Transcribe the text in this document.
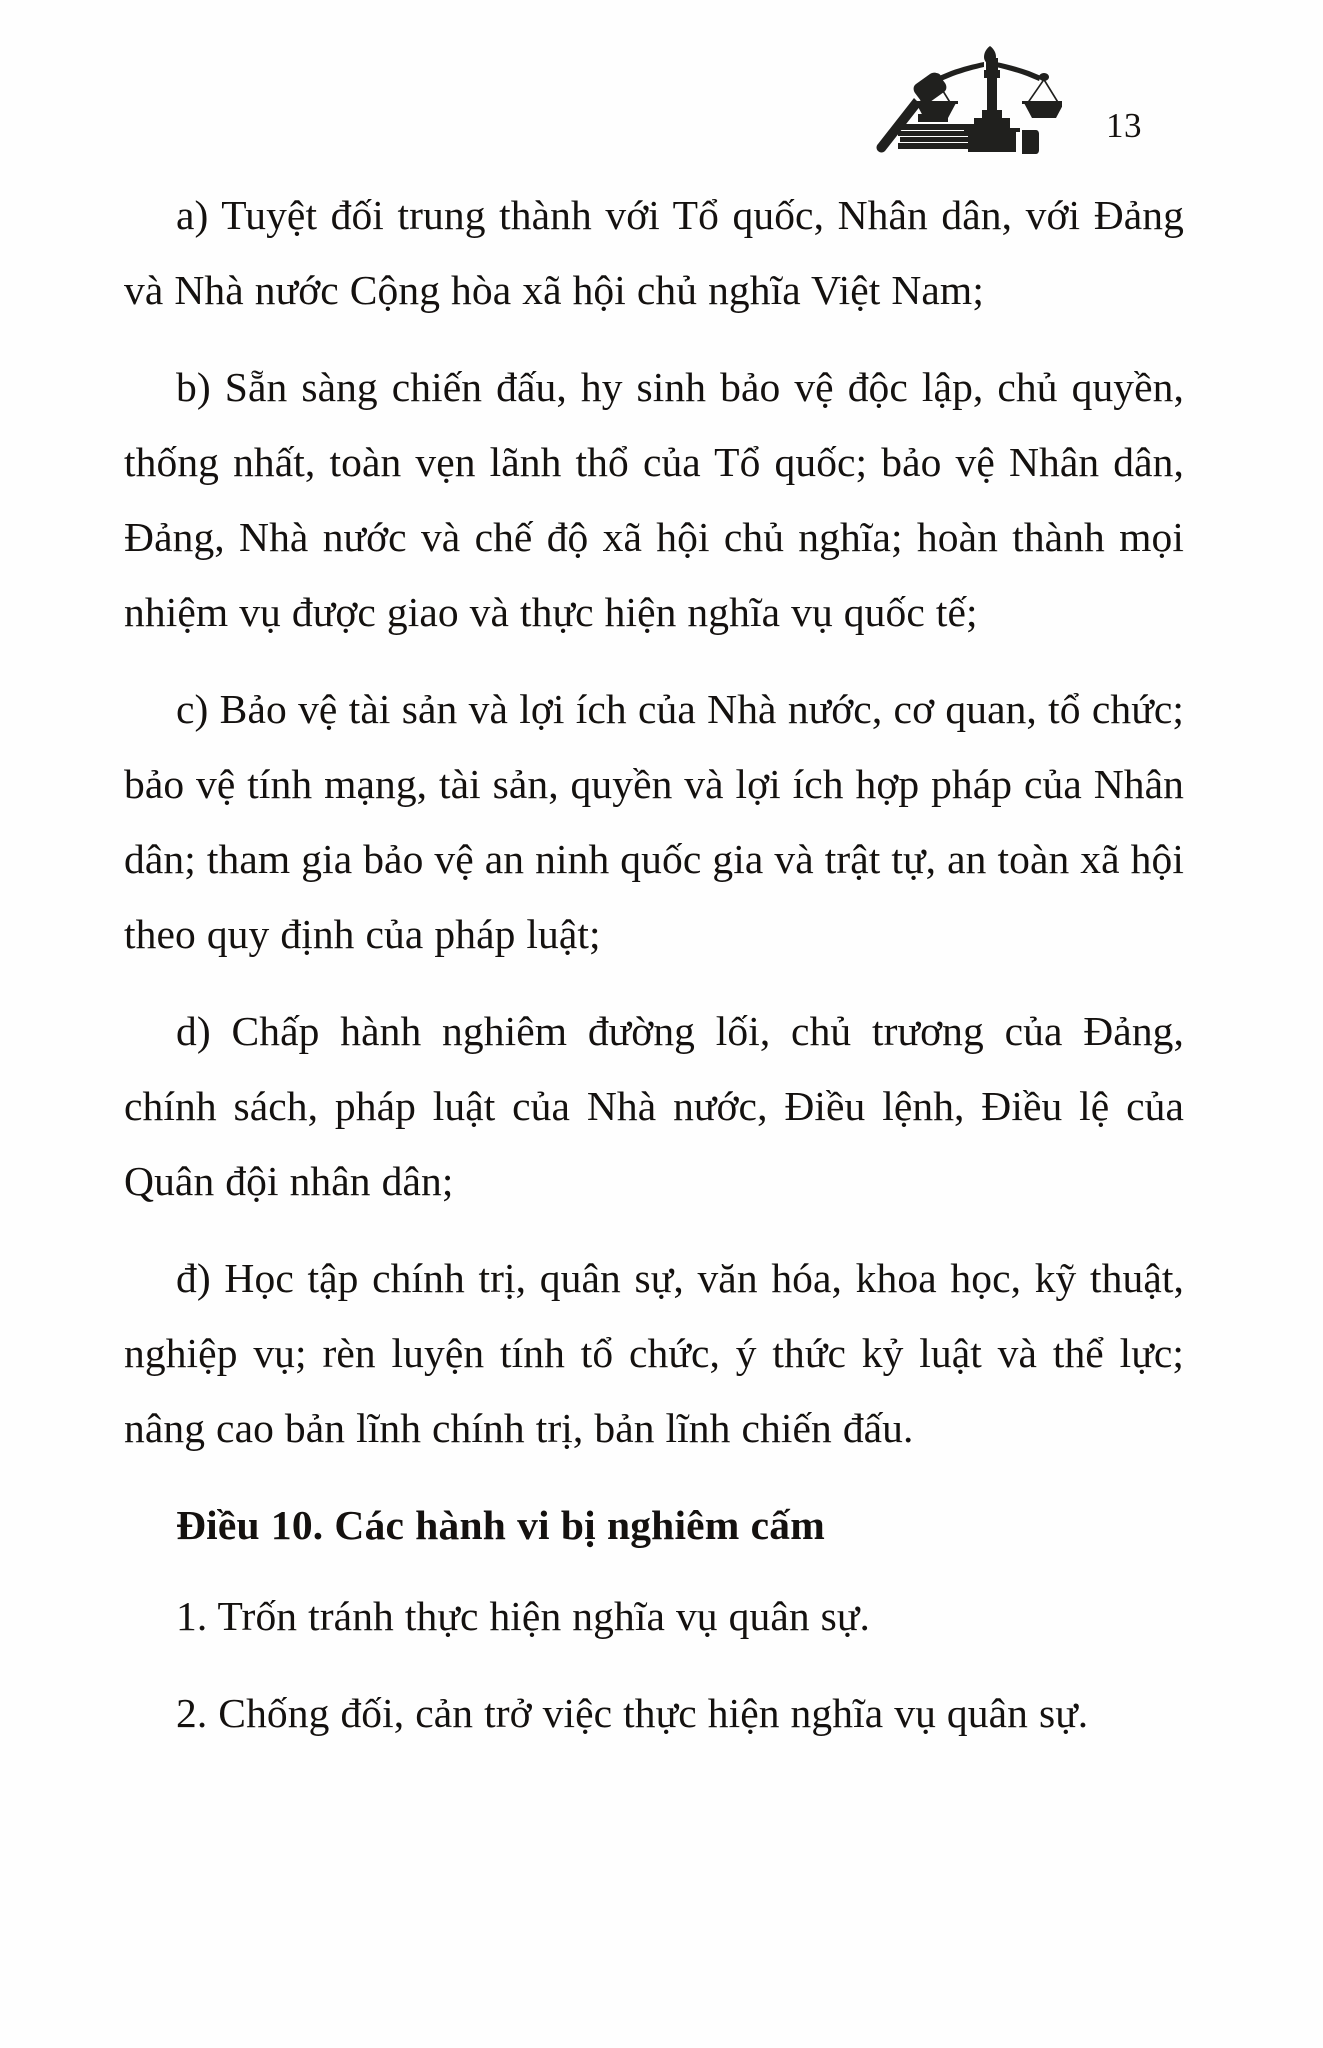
13

a) Tuyệt đối trung thành với Tổ quốc, Nhân dân, với Đảng và Nhà nước Cộng hòa xã hội chủ nghĩa Việt Nam;

b) Sẵn sàng chiến đấu, hy sinh bảo vệ độc lập, chủ quyền, thống nhất, toàn vẹn lãnh thổ của Tổ quốc; bảo vệ Nhân dân, Đảng, Nhà nước và chế độ xã hội chủ nghĩa; hoàn thành mọi nhiệm vụ được giao và thực hiện nghĩa vụ quốc tế;

c) Bảo vệ tài sản và lợi ích của Nhà nước, cơ quan, tổ chức; bảo vệ tính mạng, tài sản, quyền và lợi ích hợp pháp của Nhân dân; tham gia bảo vệ an ninh quốc gia và trật tự, an toàn xã hội theo quy định của pháp luật;

d) Chấp hành nghiêm đường lối, chủ trương của Đảng, chính sách, pháp luật của Nhà nước, Điều lệnh, Điều lệ của Quân đội nhân dân;

đ) Học tập chính trị, quân sự, văn hóa, khoa học, kỹ thuật, nghiệp vụ; rèn luyện tính tổ chức, ý thức kỷ luật và thể lực; nâng cao bản lĩnh chính trị, bản lĩnh chiến đấu.

Điều 10. Các hành vi bị nghiêm cấm

1. Trốn tránh thực hiện nghĩa vụ quân sự.

2. Chống đối, cản trở việc thực hiện nghĩa vụ quân sự.
